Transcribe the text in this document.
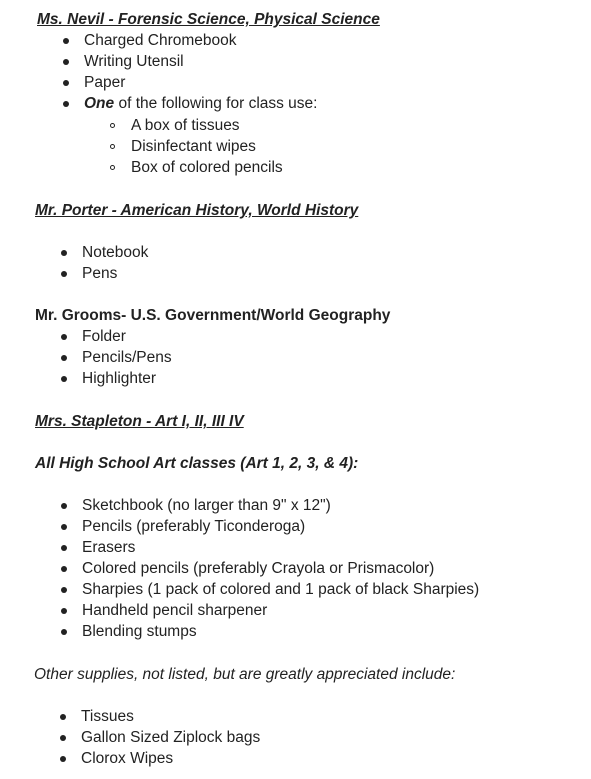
Ms. Nevil - Forensic Science, Physical Science
Charged Chromebook
Writing Utensil
Paper
One of the following for class use:
A box of tissues
Disinfectant wipes
Box of colored pencils
Mr. Porter - American History, World History
Notebook
Pens
Mr. Grooms- U.S. Government/World Geography
Folder
Pencils/Pens
Highlighter
Mrs. Stapleton - Art I, II, III IV
All High School Art classes (Art 1, 2, 3, & 4):
Sketchbook (no larger than 9" x 12")
Pencils (preferably Ticonderoga)
Erasers
Colored pencils (preferably Crayola or Prismacolor)
Sharpies (1 pack of colored and 1 pack of black Sharpies)
Handheld pencil sharpener
Blending stumps
Other supplies, not listed, but are greatly appreciated include:
Tissues
Gallon Sized Ziplock bags
Clorox Wipes
